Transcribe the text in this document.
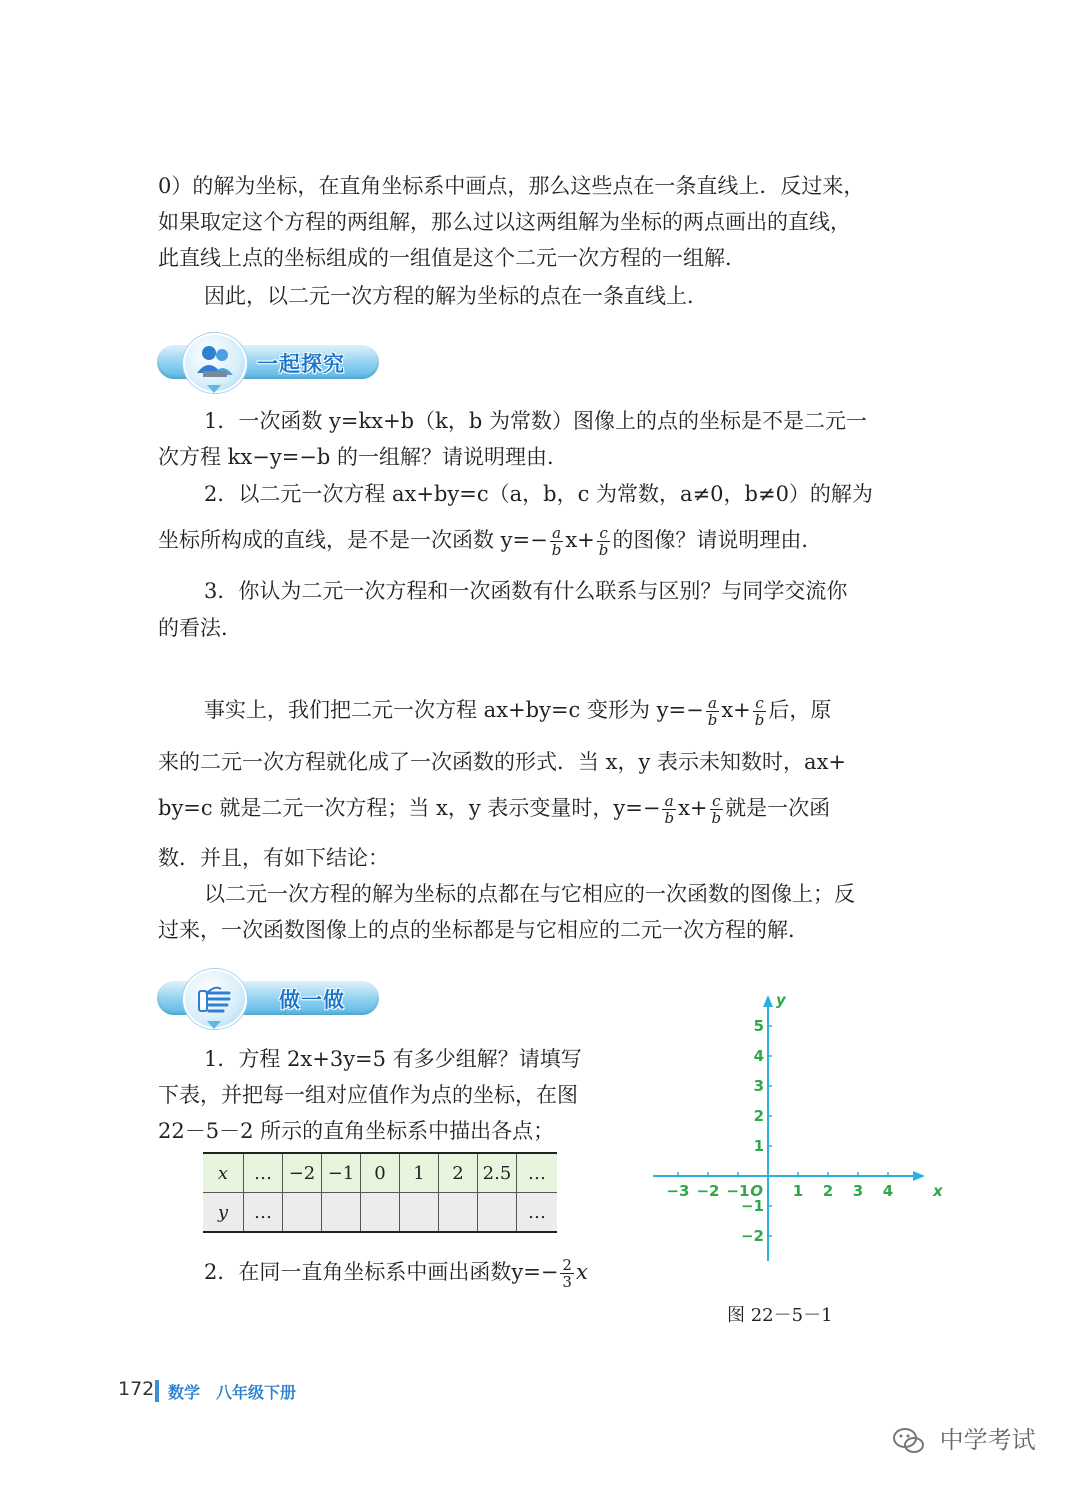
0）的解为坐标，在直角坐标系中画点，那么这些点在一条直线上．反过来，

如果取定这个方程的两组解，那么过以这两组解为坐标的两点画出的直线，

此直线上点的坐标组成的一组值是这个二元一次方程的一组解．

因此，以二元一次方程的解为坐标的点在一条直线上．

一起探究

1．一次函数 y=kx+b（k，b 为常数）图像上的点的坐标是不是二元一

次方程 kx−y=−b 的一组解？请说明理由．

2．以二元一次方程 ax+by=c（a，b，c 为常数，a≠0，b≠0）的解为

坐标所构成的直线，是不是一次函数 $y=- \frac{a}{b} x+ \frac{c}{b}$ 的图像？请说明理由．

3．你认为二元一次方程和一次函数有什么联系与区别？与同学交流你

的看法．

事实上，我们把二元一次方程 ax+by=c 变形为 $y=- \frac{a}{b} x+ \frac{c}{b}$ 后，原

来的二元一次方程就化成了一次函数的形式．当 x，y 表示未知数时，ax+

by=c 就是二元一次方程；当 x，y 表示变量时，$y=- \frac{a}{b} x+ \frac{c}{b}$ 就是一次函

数．并且，有如下结论：

以二元一次方程的解为坐标的点都在与它相应的一次函数的图像上；反

过来，一次函数图像上的点的坐标都是与它相应的二元一次方程的解．

做一做

1．方程 2x+3y=5 有多少组解？请填写

下表，并把每一组对应值作为点的坐标，在图

22－5－2 所示的直角坐标系中描出各点；

x	…	−2	−1	0	1	2	2.5	…
y	…							…

2．在同一直角坐标系中画出函数$y=- \frac{2}{3}$ x

−3 −2 −1	1 2 3 4
5
4
3
2
1
−1
−2
O	x
y

图 22－5－1

172 数学　八年级下册
中学考试
